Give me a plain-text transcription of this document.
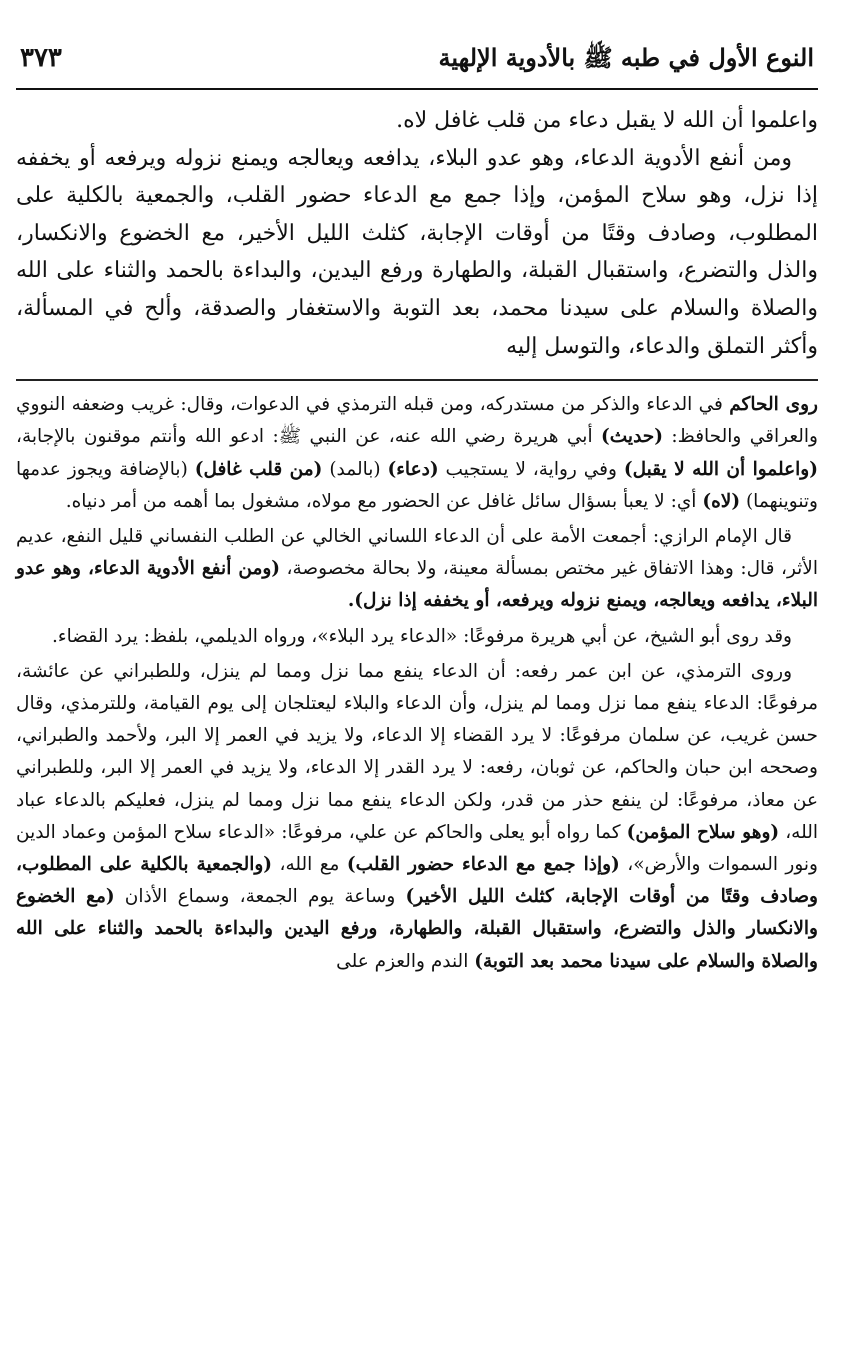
النوع الأول في طبه ﷺ بالأدوية الإلهية
٣٧٣

واعلموا أن الله لا يقبل دعاء من قلب غافل لاه.

ومن أنفع الأدوية الدعاء، وهو عدو البلاء، يدافعه ويعالجه ويمنع نزوله ويرفعه أو يخففه إذا نزل، وهو سلاح المؤمن، وإذا جمع مع الدعاء حضور القلب، والجمعية بالكلية على المطلوب، وصادف وقتًا من أوقات الإجابة، كثلث الليل الأخير، مع الخضوع والانكسار، والذل والتضرع، واستقبال القبلة، والطهارة ورفع اليدين، والبداءة بالحمد والثناء على الله والصلاة والسلام على سيدنا محمد، بعد التوبة والاستغفار والصدقة، وألح في المسألة، وأكثر التملق والدعاء، والتوسل إليه

روى الحاكم في الدعاء والذكر من مستدركه، ومن قبله الترمذي في الدعوات، وقال: غريب وضعفه النووي والعراقي والحافظ: (حديث) أبي هريرة رضي الله عنه، عن النبي ﷺ: ادعو الله وأنتم موقنون بالإجابة، (واعلموا أن الله لا يقبل) وفي رواية، لا يستجيب (دعاء) (بالمد) (من قلب غافل) (بالإضافة ويجوز عدمها وتنوينهما) (لاه) أي: لا يعبأ بسؤال سائل غافل عن الحضور مع مولاه، مشغول بما أهمه من أمر دنياه.

قال الإمام الرازي: أجمعت الأمة على أن الدعاء اللساني الخالي عن الطلب النفساني قليل النفع، عديم الأثر، قال: وهذا الاتفاق غير مختص بمسألة معينة، ولا بحالة مخصوصة، (ومن أنفع الأدوية الدعاء، وهو عدو البلاء، يدافعه ويعالجه، ويمنع نزوله ويرفعه، أو يخففه إذا نزل).

وقد روى أبو الشيخ، عن أبي هريرة مرفوعًا: «الدعاء يرد البلاء»، ورواه الديلمي، بلفظ: يرد القضاء.

وروى الترمذي، عن ابن عمر رفعه: أن الدعاء ينفع مما نزل ومما لم ينزل، وللطبراني عن عائشة، مرفوعًا: الدعاء ينفع مما نزل ومما لم ينزل، وأن الدعاء والبلاء ليعتلجان إلى يوم القيامة، وللترمذي، وقال حسن غريب، عن سلمان مرفوعًا: لا يرد القضاء إلا الدعاء، ولا يزيد في العمر إلا البر، ولأحمد والطبراني، وصححه ابن حبان والحاكم، عن ثوبان، رفعه: لا يرد القدر إلا الدعاء، ولا يزيد في العمر إلا البر، وللطبراني عن معاذ، مرفوعًا: لن ينفع حذر من قدر، ولكن الدعاء ينفع مما نزل ومما لم ينزل، فعليكم بالدعاء عباد الله، (وهو سلاح المؤمن) كما رواه أبو يعلى والحاكم عن علي، مرفوعًا: «الدعاء سلاح المؤمن وعماد الدين ونور السموات والأرض»، (وإذا جمع مع الدعاء حضور القلب) مع الله، (والجمعية بالكلية على المطلوب، وصادف وقتًا من أوقات الإجابة، كثلث الليل الأخير) وساعة يوم الجمعة، وسماع الأذان (مع الخضوع والانكسار والذل والتضرع، واستقبال القبلة، والطهارة، ورفع اليدين والبداءة بالحمد والثناء على الله والصلاة والسلام على سيدنا محمد بعد التوبة) الندم والعزم على
